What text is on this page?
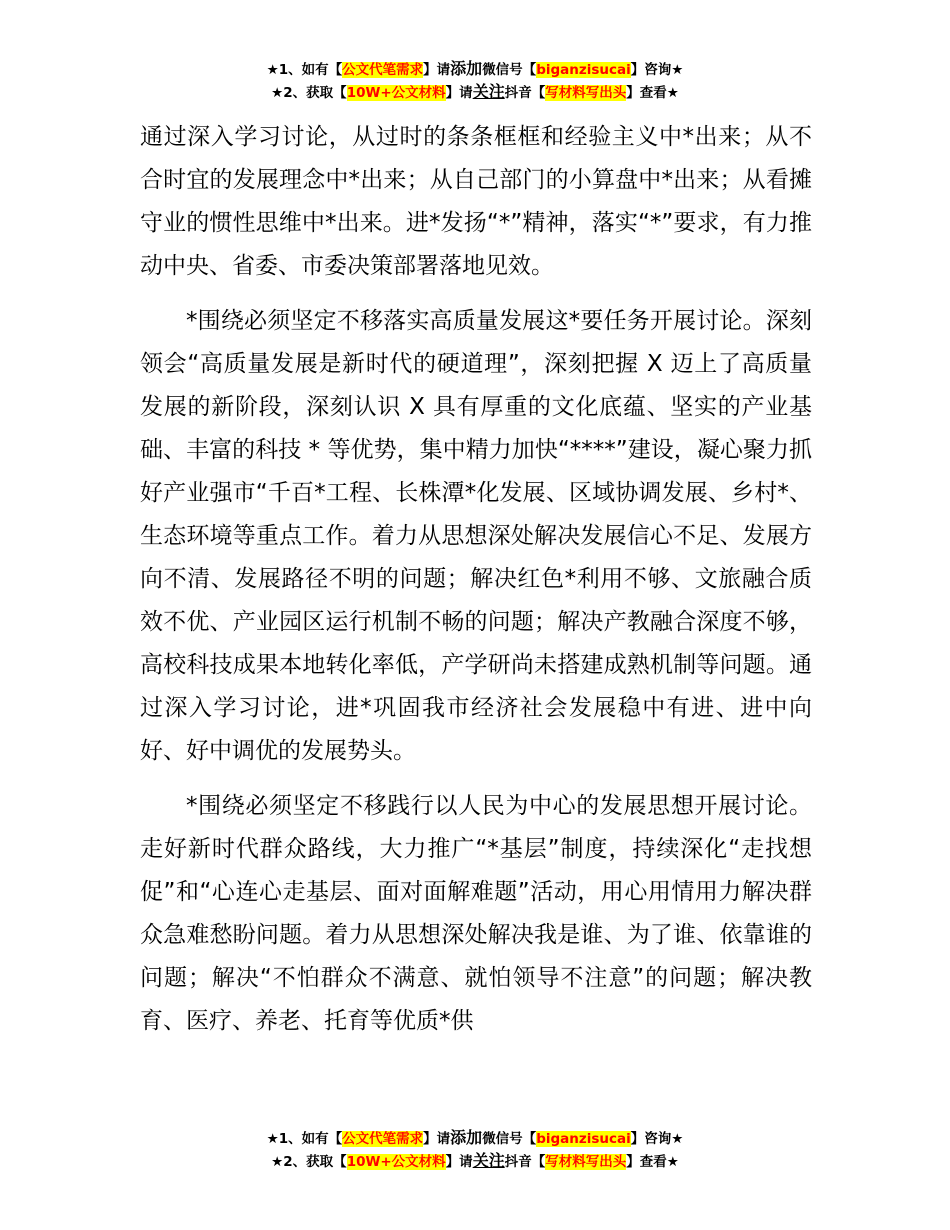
★1、如有【公文代笔需求】请添加微信号【biganzisucai】咨询★
★2、获取【10W+公文材料】请关注抖音【写材料写出头】查看★

通过深入学习讨论，从过时的条条框框和经验主义中*出来；从不合时宜的发展理念中*出来；从自己部门的小算盘中*出来；从看摊守业的惯性思维中*出来。进*发扬“*”精神，落实“*”要求，有力推动中央、省委、市委决策部署落地见效。

*围绕必须坚定不移落实高质量发展这*要任务开展讨论。深刻领会“高质量发展是新时代的硬道理”，深刻把握 X 迈上了高质量发展的新阶段，深刻认识 X 具有厚重的文化底蕴、坚实的产业基础、丰富的科技 * 等优势，集中精力加快“****”建设，凝心聚力抓好产业强市“千百*工程、长株潭*化发展、区域协调发展、乡村*、生态环境等重点工作。着力从思想深处解决发展信心不足、发展方向不清、发展路径不明的问题；解决红色*利用不够、文旅融合质效不优、产业园区运行机制不畅的问题；解决产教融合深度不够，高校科技成果本地转化率低，产学研尚未搭建成熟机制等问题。通过深入学习讨论，进*巩固我市经济社会发展稳中有进、进中向好、好中调优的发展势头。

*围绕必须坚定不移践行以人民为中心的发展思想开展讨论。走好新时代群众路线，大力推广“*基层”制度，持续深化“走找想促”和“心连心走基层、面对面解难题”活动，用心用情用力解决群众急难愁盼问题。着力从思想深处解决我是谁、为了谁、依靠谁的问题；解决“不怕群众不满意、就怕领导不注意”的问题；解决教育、医疗、养老、托育等优质*供

★1、如有【公文代笔需求】请添加微信号【biganzisucai】咨询★
★2、获取【10W+公文材料】请关注抖音【写材料写出头】查看★
